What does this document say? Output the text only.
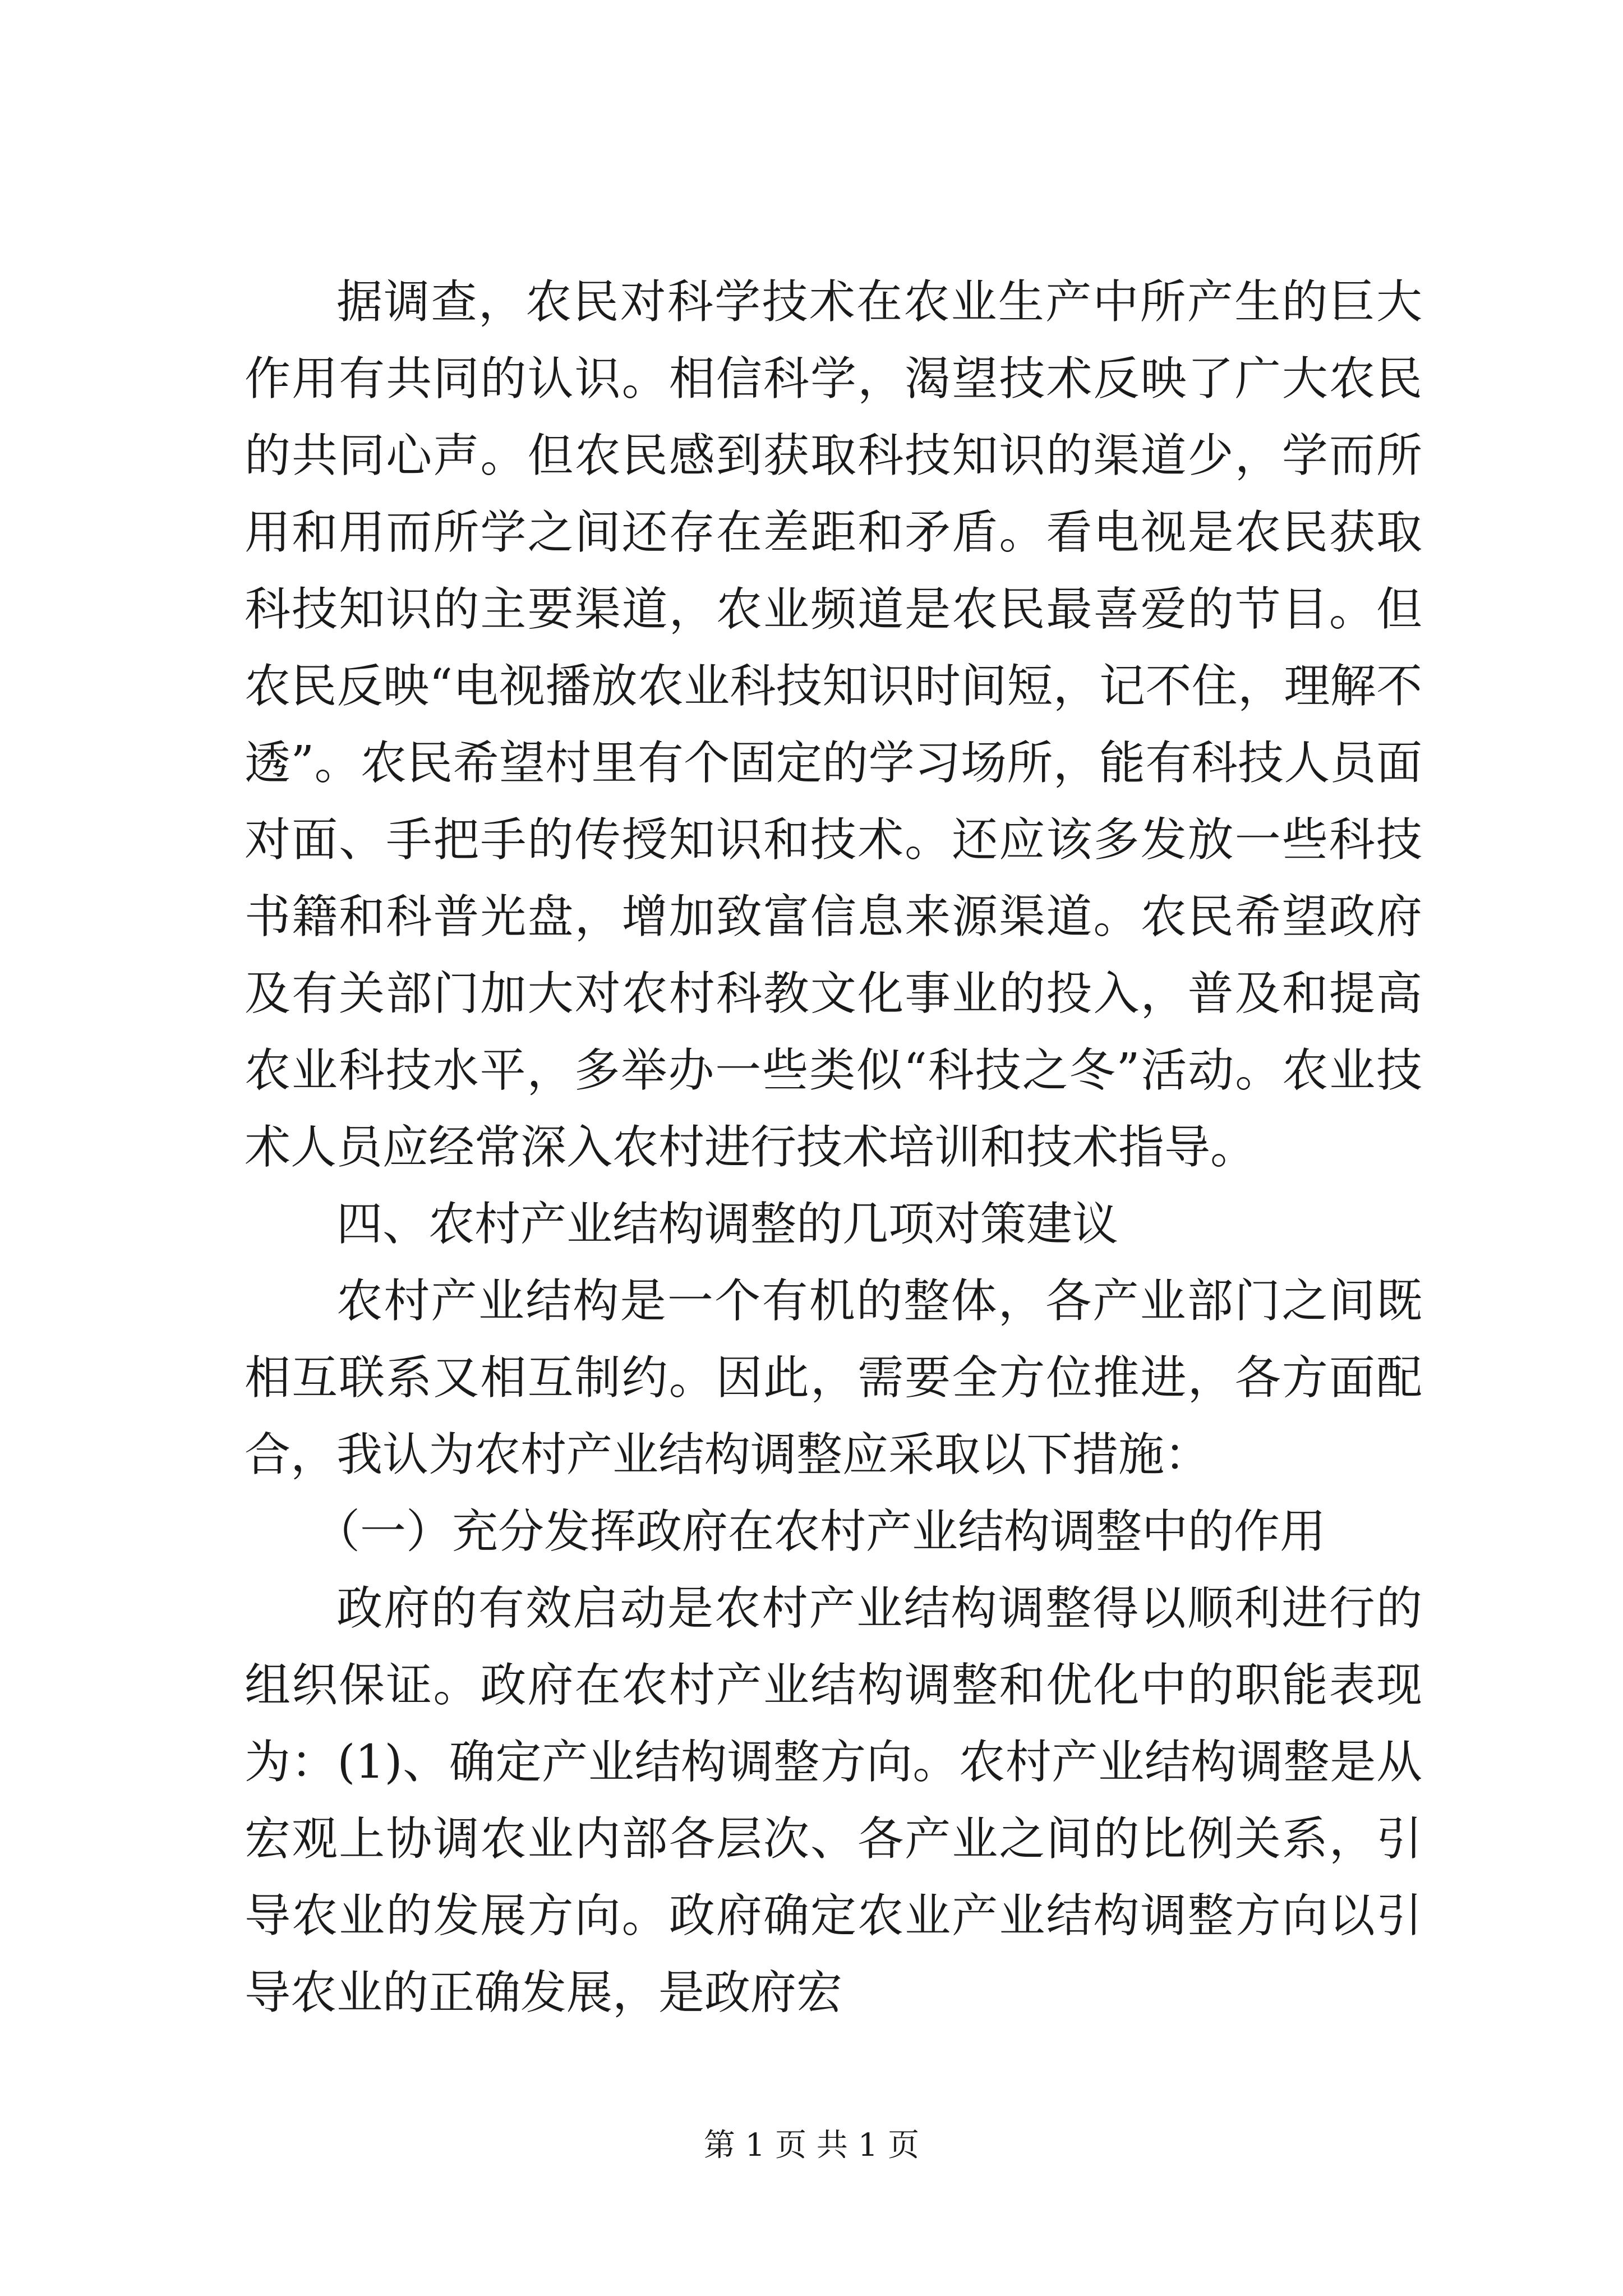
据调查，农民对科学技术在农业生产中所产生的巨大作用有共同的认识。相信科学，渴望技术反映了广大农民的共同心声。但农民感到获取科技知识的渠道少，学而所用和用而所学之间还存在差距和矛盾。看电视是农民获取科技知识的主要渠道，农业频道是农民最喜爱的节目。但农民反映“电视播放农业科技知识时间短，记不住，理解不透”。农民希望村里有个固定的学习场所，能有科技人员面对面、手把手的传授知识和技术。还应该多发放一些科技书籍和科普光盘，增加致富信息来源渠道。农民希望政府及有关部门加大对农村科教文化事业的投入，普及和提高农业科技水平，多举办一些类似“科技之冬”活动。农业技术人员应经常深入农村进行技术培训和技术指导。

四、农村产业结构调整的几项对策建议

农村产业结构是一个有机的整体，各产业部门之间既相互联系又相互制约。因此，需要全方位推进，各方面配合，我认为农村产业结构调整应采取以下措施：

（一）充分发挥政府在农村产业结构调整中的作用

政府的有效启动是农村产业结构调整得以顺利进行的组织保证。政府在农村产业结构调整和优化中的职能表现为：(1)、确定产业结构调整方向。农村产业结构调整是从宏观上协调农业内部各层次、各产业之间的比例关系，引导农业的发展方向。政府确定农业产业结构调整方向以引导农业的正确发展，是政府宏

第 1 页 共 1 页
